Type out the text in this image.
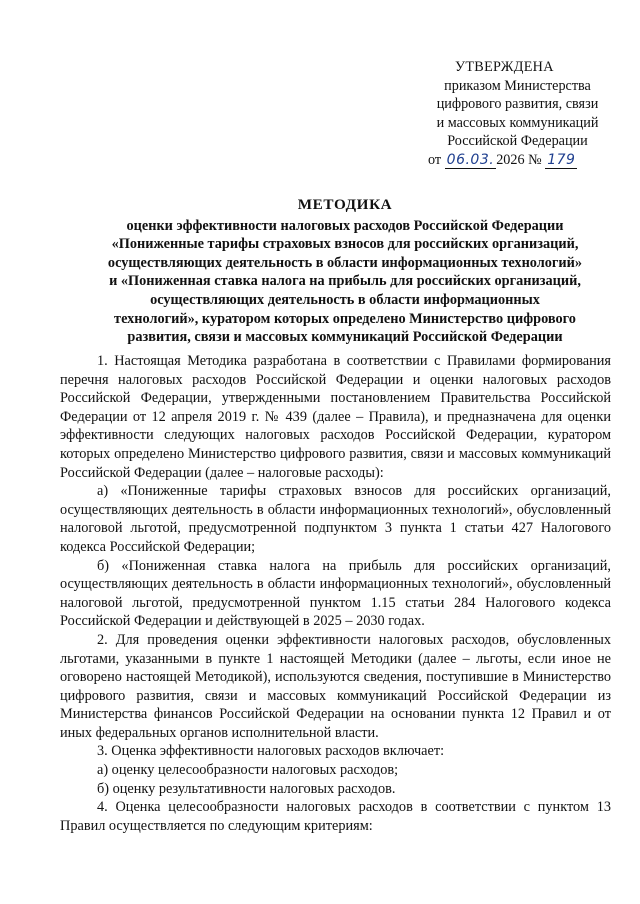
УТВЕРЖДЕНА
приказом Министерства
цифрового развития, связи
и массовых коммуникаций
Российской Федерации
от 06.03. 2026 № 179
МЕТОДИКА
оценки эффективности налоговых расходов Российской Федерации
«Пониженные тарифы страховых взносов для российских организаций,
осуществляющих деятельность в области информационных технологий»
и «Пониженная ставка налога на прибыль для российских организаций,
осуществляющих деятельность в области информационных
технологий», куратором которых определено Министерство цифрового
развития, связи и массовых коммуникаций Российской Федерации

1. Настоящая Методика разработана в соответствии с Правилами формирования перечня налоговых расходов Российской Федерации и оценки налоговых расходов Российской Федерации, утвержденными постановлением Правительства Российской Федерации от 12 апреля 2019 г. № 439 (далее – Правила), и предназначена для оценки эффективности следующих налоговых расходов Российской Федерации, куратором которых определено Министерство цифрового развития, связи и массовых коммуникаций Российской Федерации (далее – налоговые расходы):

а) «Пониженные тарифы страховых взносов для российских организаций, осуществляющих деятельность в области информационных технологий», обусловленный налоговой льготой, предусмотренной подпунктом 3 пункта 1 статьи 427 Налогового кодекса Российской Федерации;

б) «Пониженная ставка налога на прибыль для российских организаций, осуществляющих деятельность в области информационных технологий», обусловленный налоговой льготой, предусмотренной пунктом 1.15 статьи 284 Налогового кодекса Российской Федерации и действующей в 2025 – 2030 годах.

2. Для проведения оценки эффективности налоговых расходов, обусловленных льготами, указанными в пункте 1 настоящей Методики (далее – льготы, если иное не оговорено настоящей Методикой), используются сведения, поступившие в Министерство цифрового развития, связи и массовых коммуникаций Российской Федерации из Министерства финансов Российской Федерации на основании пункта 12 Правил и от иных федеральных органов исполнительной власти.

3. Оценка эффективности налоговых расходов включает:

а) оценку целесообразности налоговых расходов;

б) оценку результативности налоговых расходов.

4. Оценка целесообразности налоговых расходов в соответствии с пунктом 13 Правил осуществляется по следующим критериям:
